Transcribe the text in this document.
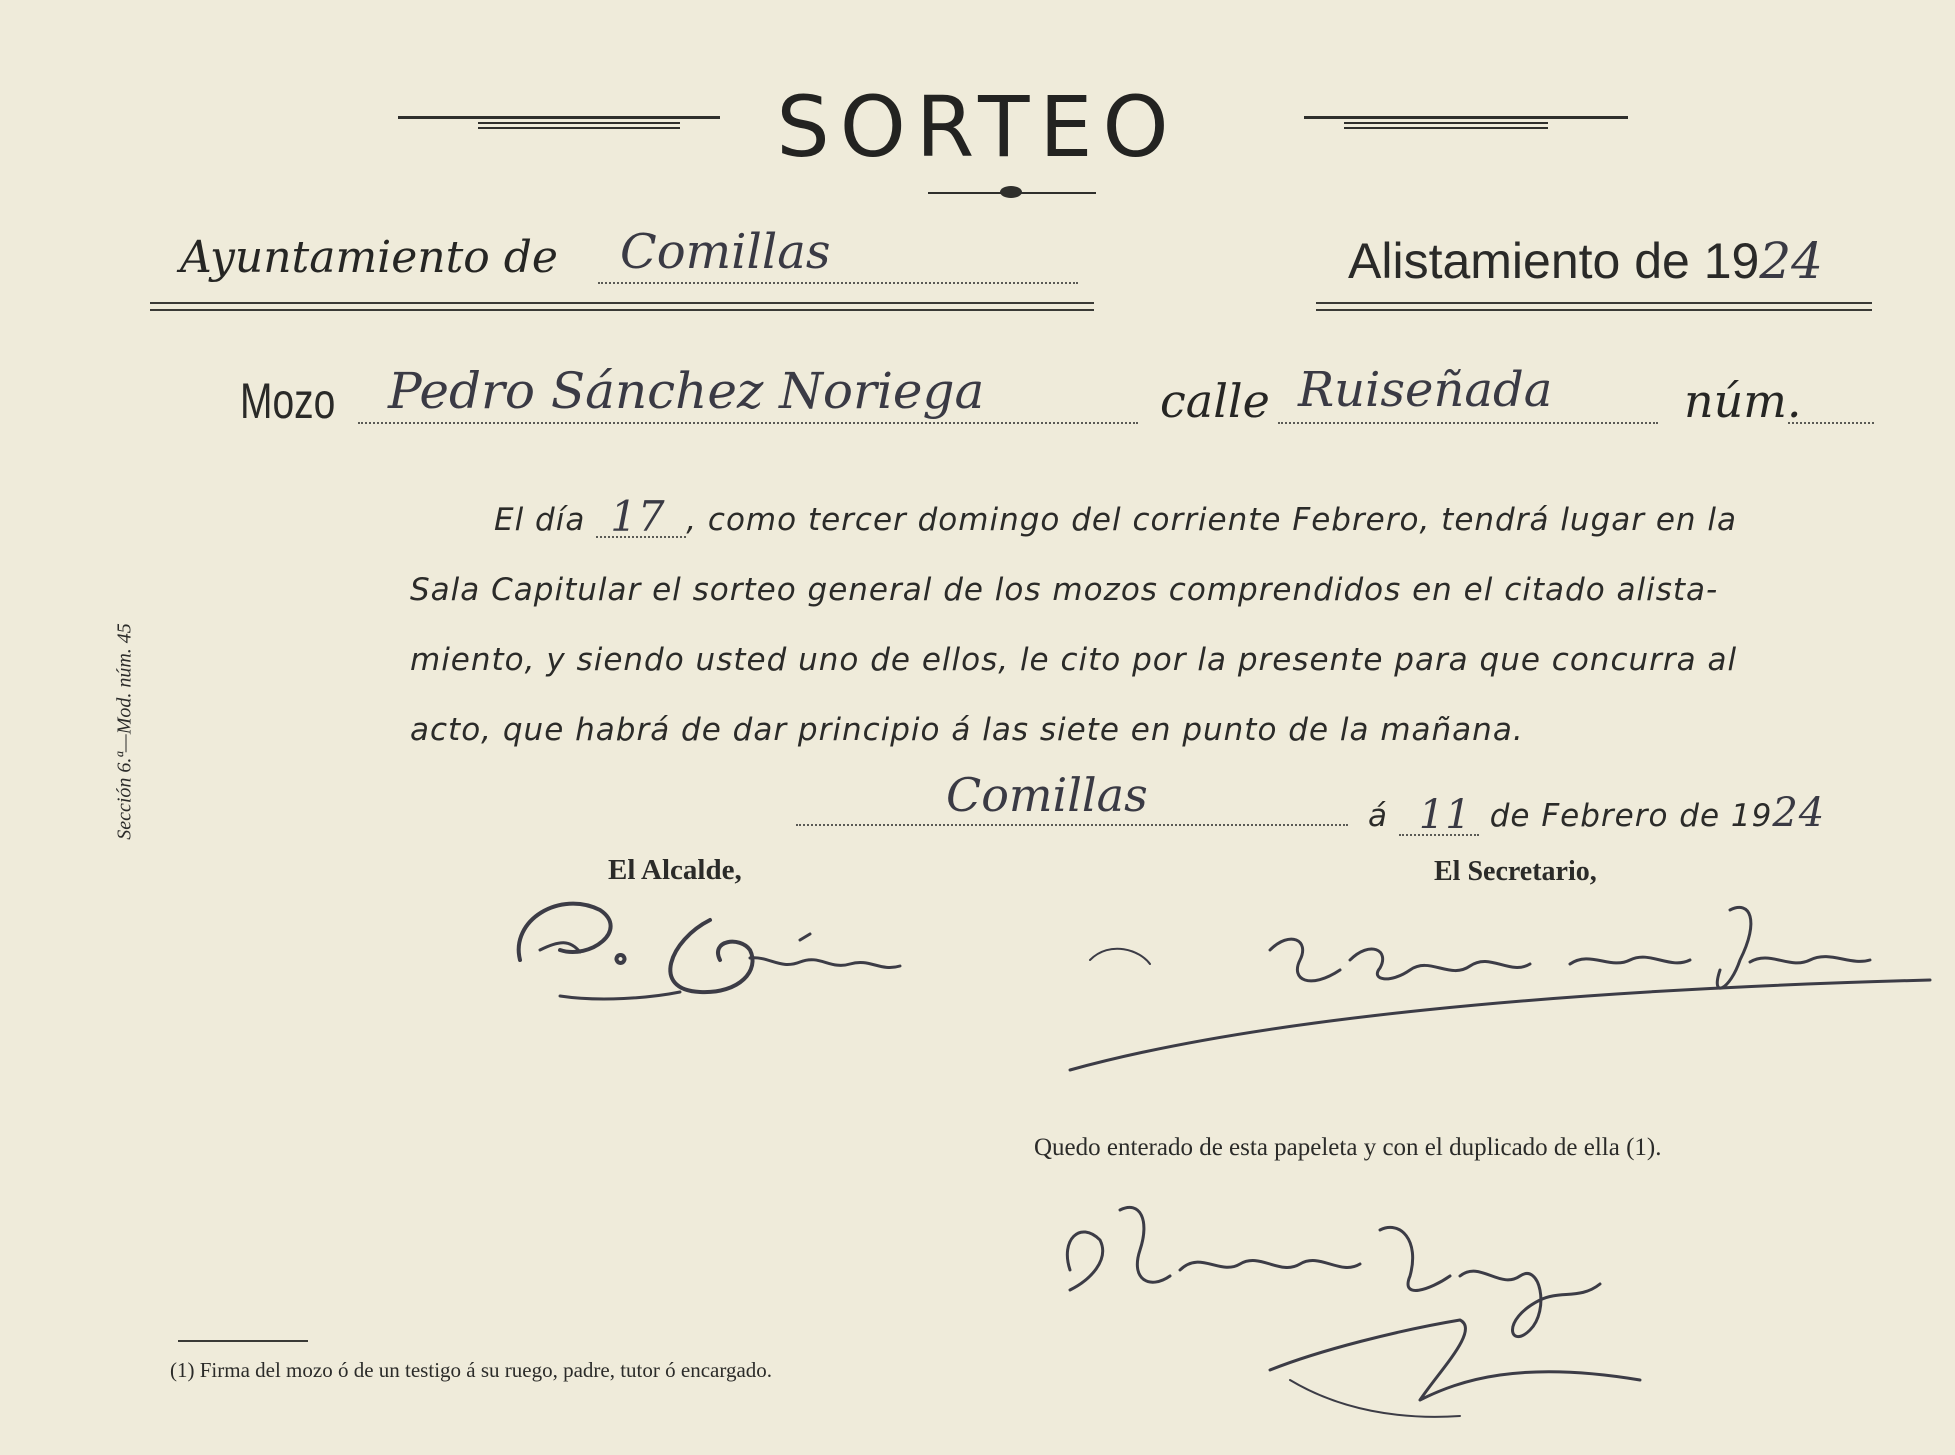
SORTEO
Ayuntamiento de Comillas	Alistamiento de 1924
Mozo Pedro Sánchez Noriega	calle Ruiseñada	núm.
El día 17 , como tercer domingo del corriente Febrero, tendrá lugar en la
Sala Capitular el sorteo general de los mozos comprendidos en el citado alista-
miento, y siendo usted uno de ellos, le cito por la presente para que concurra al
acto, que habrá de dar principio á las siete en punto de la mañana.
Comillas	á 11 de Febrero de 1924
El Alcalde,	El Secretario,
Quedo enterado de esta papeleta y con el duplicado de ella (1).
(1) Firma del mozo ó de un testigo á su ruego, padre, tutor ó encargado.
Sección 6.ª—Mod. núm. 45
